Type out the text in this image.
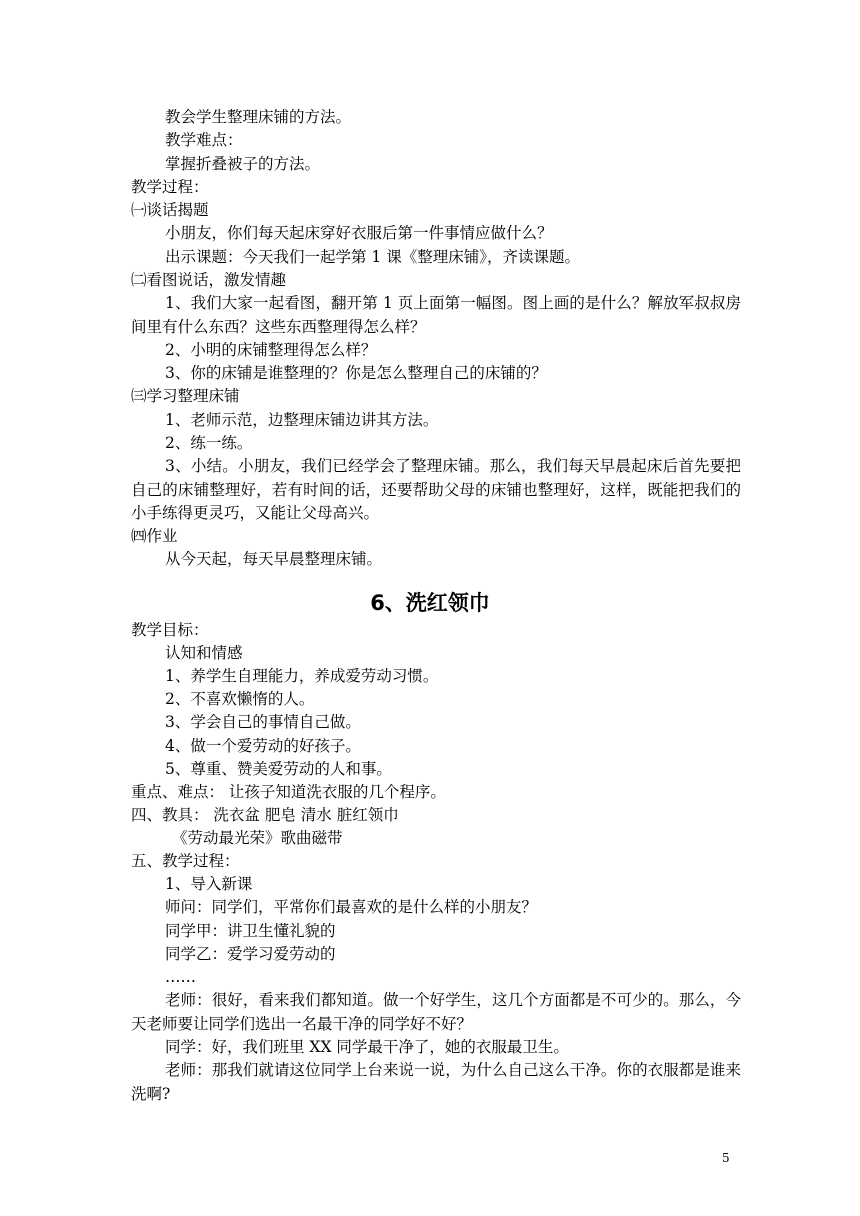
教会学生整理床铺的方法。
教学难点：
掌握折叠被子的方法。
教学过程：
㈠谈话揭题
小朋友，你们每天起床穿好衣服后第一件事情应做什么？
出示课题：今天我们一起学第 1 课《整理床铺》，齐读课题。
㈡看图说话，激发情趣
1、我们大家一起看图，翻开第 1 页上面第一幅图。图上画的是什么？解放军叔叔房间里有什么东西？这些东西整理得怎么样？
2、小明的床铺整理得怎么样？
3、你的床铺是谁整理的？你是怎么整理自己的床铺的？
㈢学习整理床铺
1、老师示范，边整理床铺边讲其方法。
2、练一练。
3、小结。小朋友，我们已经学会了整理床铺。那么，我们每天早晨起床后首先要把自己的床铺整理好，若有时间的话，还要帮助父母的床铺也整理好，这样，既能把我们的小手练得更灵巧，又能让父母高兴。
㈣作业
从今天起，每天早晨整理床铺。
6、洗红领巾
教学目标：
认知和情感
1、养学生自理能力，养成爱劳动习惯。
2、不喜欢懒惰的人。
3、学会自己的事情自己做。
4、做一个爱劳动的好孩子。
5、尊重、赞美爱劳动的人和事。
重点、难点： 让孩子知道洗衣服的几个程序。
四、教具： 洗衣盆 肥皂 清水 脏红领巾
《劳动最光荣》歌曲磁带
五、教学过程：
1、导入新课
师问：同学们，平常你们最喜欢的是什么样的小朋友？
同学甲：讲卫生懂礼貌的
同学乙：爱学习爱劳动的
……
老师：很好，看来我们都知道。做一个好学生，这几个方面都是不可少的。那么，今天老师要让同学们选出一名最干净的同学好不好？
同学：好，我们班里 XX 同学最干净了，她的衣服最卫生。
老师：那我们就请这位同学上台来说一说，为什么自己这么干净。你的衣服都是谁来洗啊?
5
